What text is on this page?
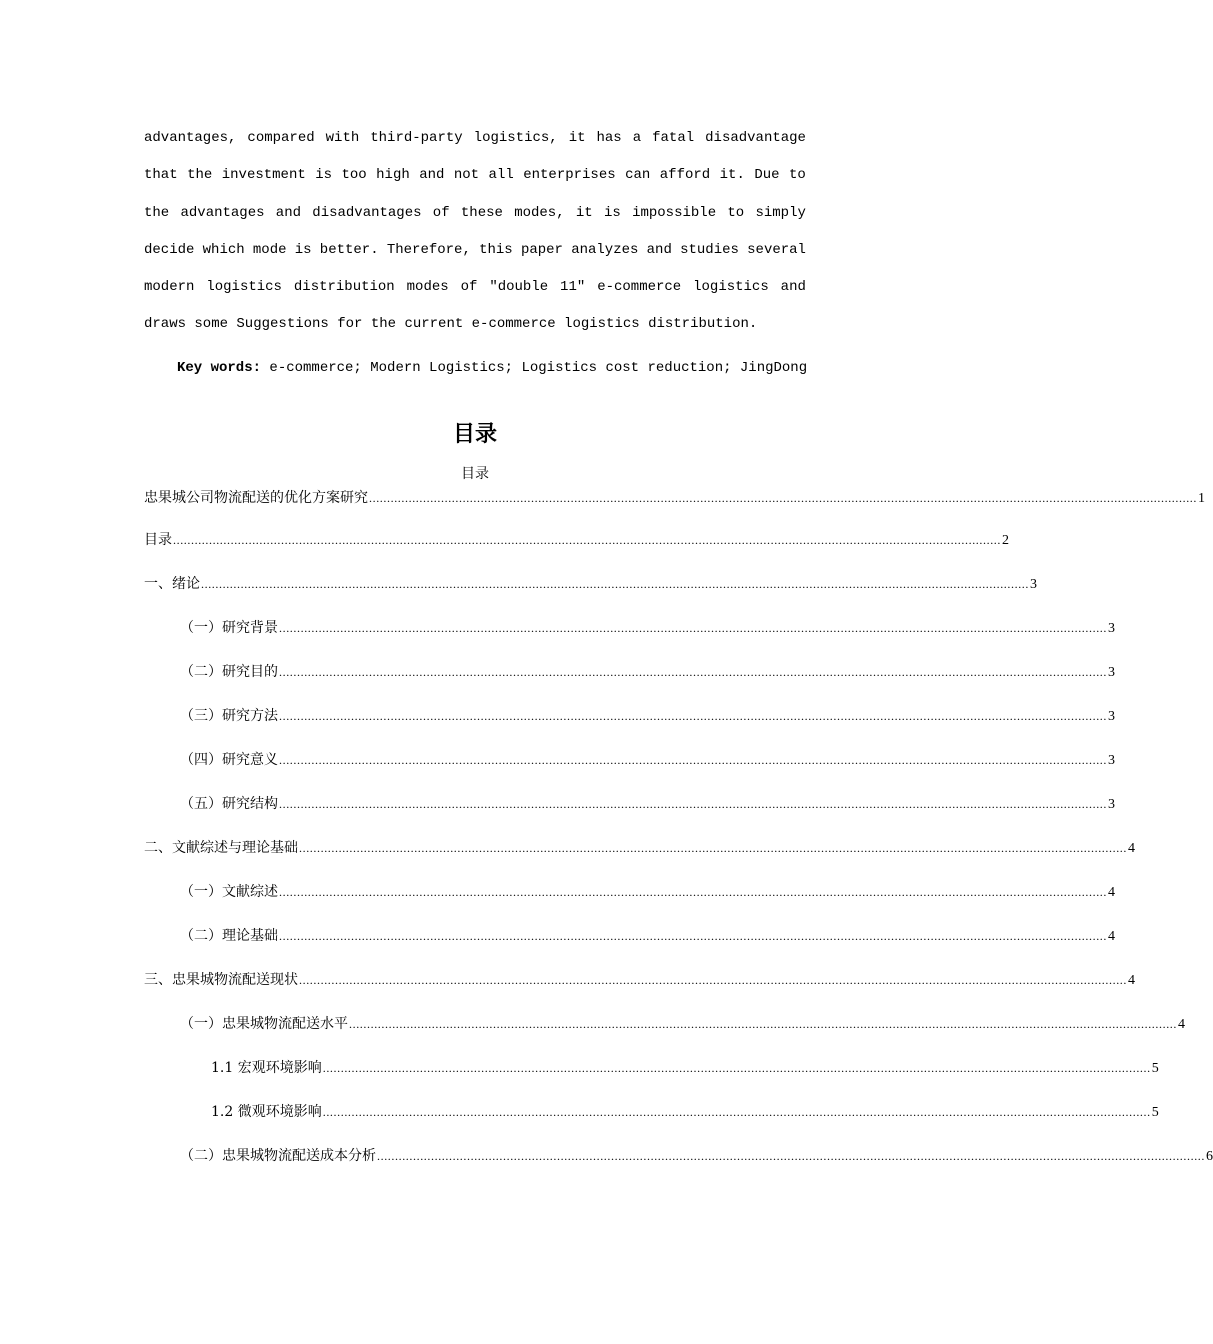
advantages, compared with third-party logistics, it has a fatal disadvantage
that the investment is too high and not all enterprises can afford it. Due to
the advantages and disadvantages of these modes, it is impossible to simply
decide which mode is better. Therefore, this paper analyzes and studies several
modern logistics distribution modes of "double 11" e-commerce logistics and
draws some Suggestions for the current e-commerce logistics distribution.
Key words: e-commerce; Modern Logistics; Logistics cost reduction; JingDong
目录
目录
忠果城公司物流配送的优化方案研究 ...................................................................................................................................................................................................................................... 1
目录 ...................................................................................................................................................................................................................................... 2
一、绪论 ...................................................................................................................................................................................................................................... 3
（一）研究背景 ...................................................................................................................................................................................................................................... 3
（二）研究目的 ...................................................................................................................................................................................................................................... 3
（三）研究方法 ...................................................................................................................................................................................................................................... 3
（四）研究意义 ...................................................................................................................................................................................................................................... 3
（五）研究结构 ...................................................................................................................................................................................................................................... 3
二、文献综述与理论基础 ...................................................................................................................................................................................................................................... 4
（一）文献综述 ...................................................................................................................................................................................................................................... 4
（二）理论基础 ...................................................................................................................................................................................................................................... 4
三、忠果城物流配送现状 ...................................................................................................................................................................................................................................... 4
（一）忠果城物流配送水平 ...................................................................................................................................................................................................................................... 4
1.1 宏观环境影响 ...................................................................................................................................................................................................................................... 5
1.2 微观环境影响 ...................................................................................................................................................................................................................................... 5
（二）忠果城物流配送成本分析 ...................................................................................................................................................................................................................................... 6
